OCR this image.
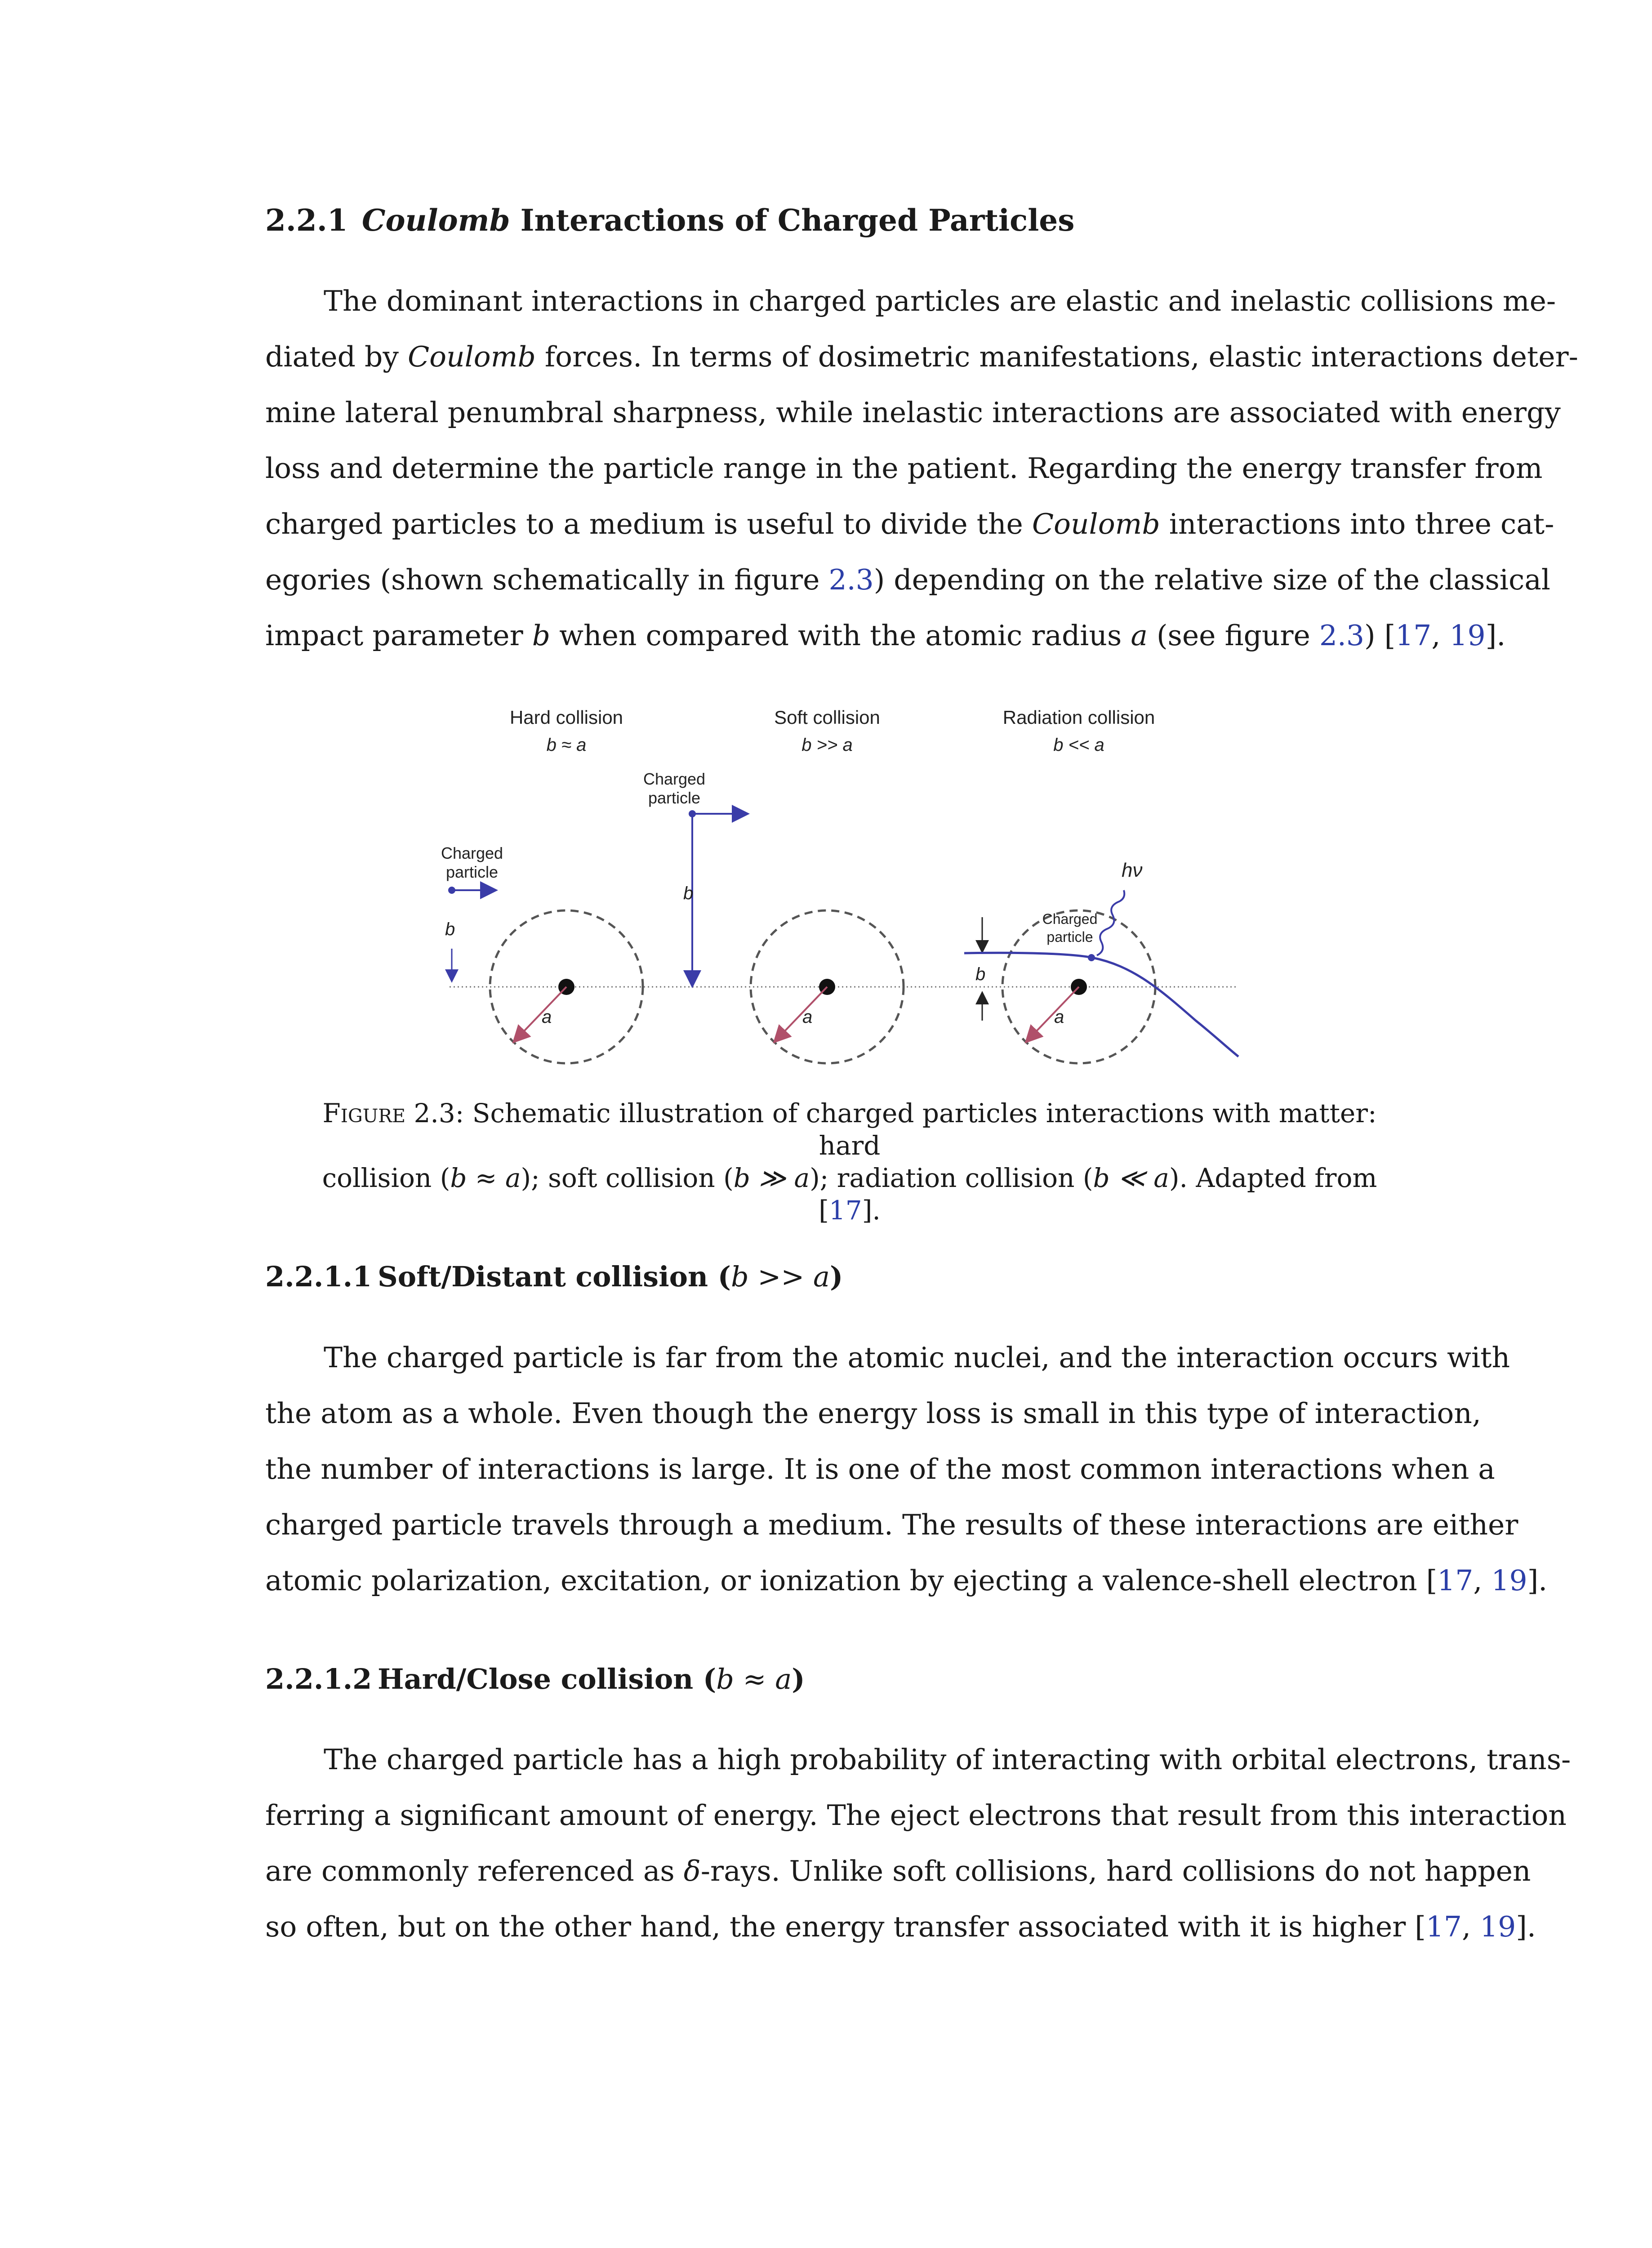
2.2.1 Coulomb Interactions of Charged Particles
The dominant interactions in charged particles are elastic and inelastic collisions me-
diated by Coulomb forces. In terms of dosimetric manifestations, elastic interactions deter-
mine lateral penumbral sharpness, while inelastic interactions are associated with energy
loss and determine the particle range in the patient. Regarding the energy transfer from
charged particles to a medium is useful to divide the Coulomb interactions into three cat-
egories (shown schematically in figure 2.3) depending on the relative size of the classical
impact parameter b when compared with the atomic radius a (see figure 2.3) [17, 19].
Hard collision
b ≈ a
Soft collision
b >> a
Radiation collision
b << a
Charged
particle
b
a
Charged
particle
b
a
b
a
Charged
particle
hν
Figure 2.3: Schematic illustration of charged particles interactions with matter: hard
collision (b ≈ a); soft collision (b ≫ a); radiation collision (b ≪ a). Adapted from [17].
2.2.1.1 Soft/Distant collision (b >> a)
The charged particle is far from the atomic nuclei, and the interaction occurs with
the atom as a whole. Even though the energy loss is small in this type of interaction,
the number of interactions is large. It is one of the most common interactions when a
charged particle travels through a medium. The results of these interactions are either
atomic polarization, excitation, or ionization by ejecting a valence-shell electron [17, 19].
2.2.1.2 Hard/Close collision (b ≈ a)
The charged particle has a high probability of interacting with orbital electrons, trans-
ferring a significant amount of energy. The eject electrons that result from this interaction
are commonly referenced as δ-rays. Unlike soft collisions, hard collisions do not happen
so often, but on the other hand, the energy transfer associated with it is higher [17, 19].
